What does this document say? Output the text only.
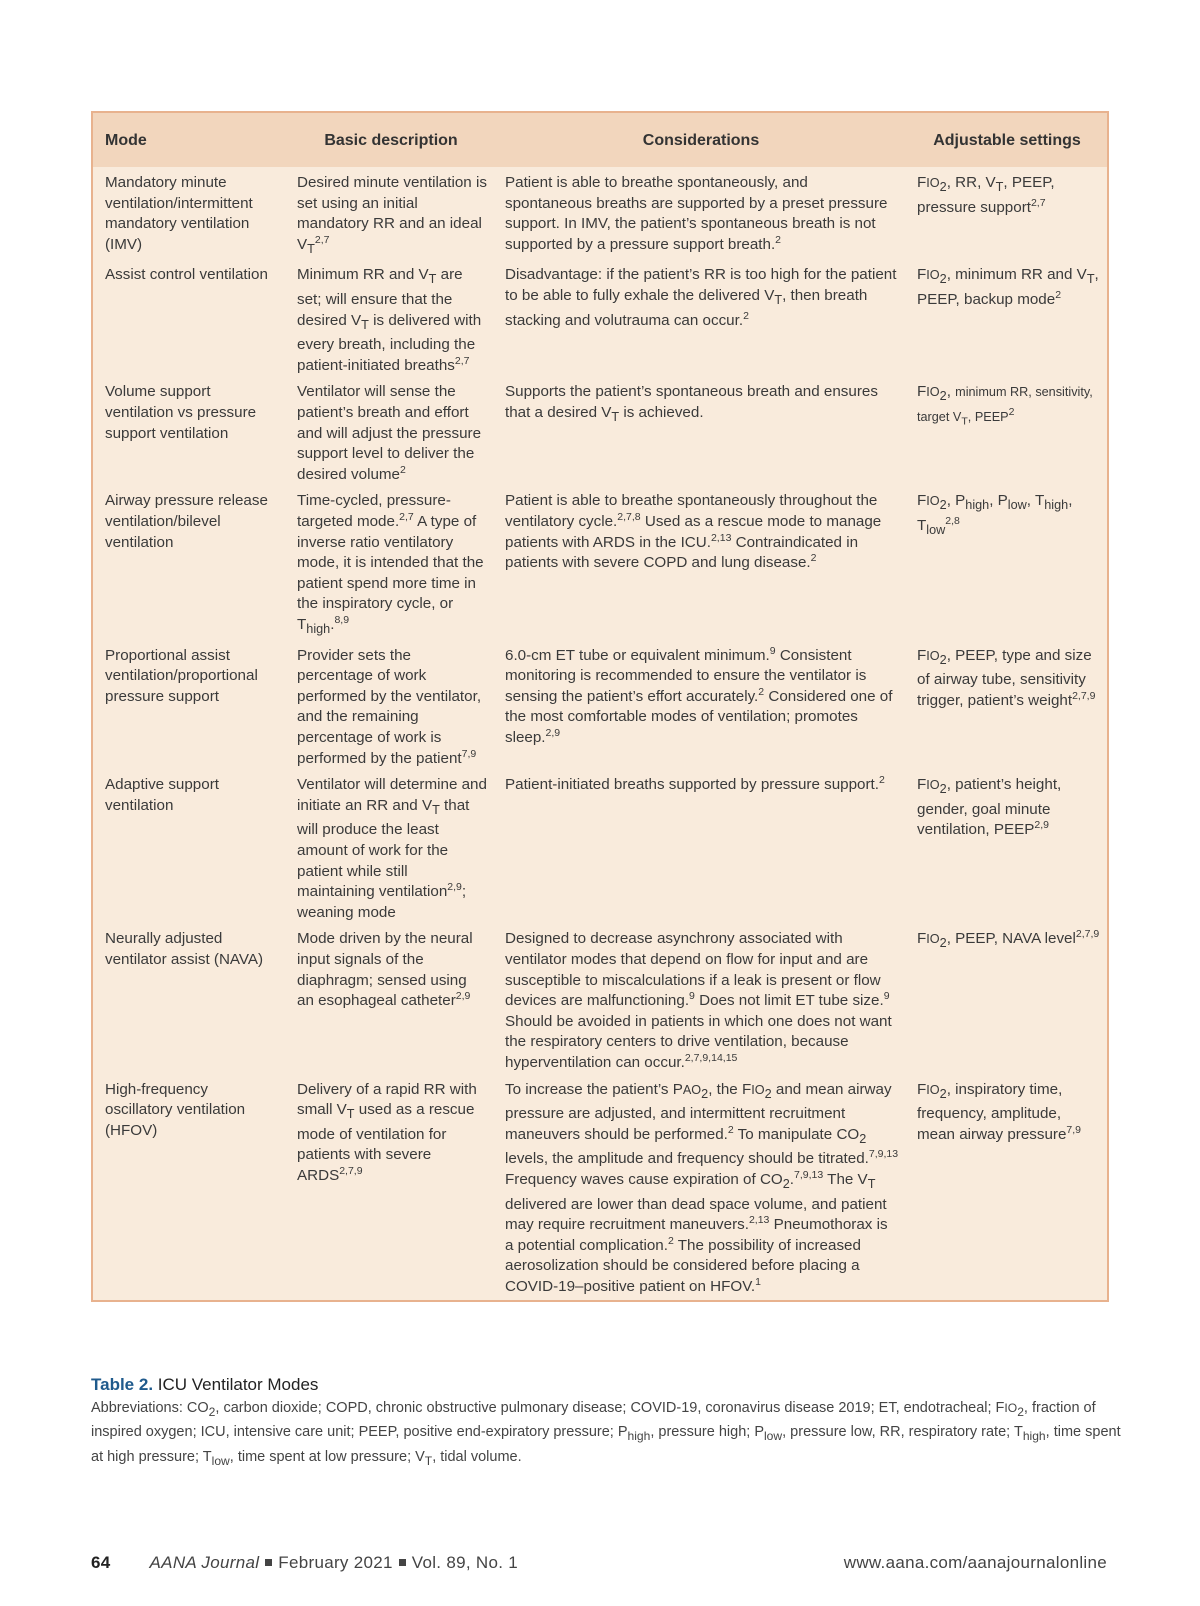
Mode	Basic description	Considerations	Adjustable settings
Mandatory minute ventilation/intermittent mandatory ventilation (IMV)	Desired minute ventilation is set using an initial mandatory RR and an ideal $V_T^{2,7}$	Patient is able to breathe spontaneously, and spontaneous breaths are supported by a preset pressure support. In IMV, the patient’s spontaneous breath is not supported by a pressure support breath.$^2$	$FIO_2$, RR, $V_T$, PEEP, pressure support$^{2,7}$
Assist control ventilation	Minimum RR and $V_T$ are set; will ensure that the desired $V_T$ is delivered with every breath, including the patient-initiated breaths$^{2,7}$	Disadvantage: if the patient’s RR is too high for the patient to be able to fully exhale the delivered $V_T$, then breath stacking and volutrauma can occur.$^2$	$FIO_2$, minimum RR and $V_T$, PEEP, backup mode$^2$
Volume support ventilation vs pressure support ventilation	Ventilator will sense the patient’s breath and effort and will adjust the pressure support level to deliver the desired volume$^2$	Supports the patient’s spontaneous breath and ensures that a desired $V_T$ is achieved.	$FIO_2$, minimum RR, sensitivity, target $V_T$, PEEP$^2$
Airway pressure release ventilation/bilevel ventilation	Time-cycled, pressure-targeted mode.$^{2,7}$ A type of inverse ratio ventilatory mode, it is intended that the patient spend more time in the inspiratory cycle, or $T_{high}.^{8,9}$	Patient is able to breathe spontaneously throughout the ventilatory cycle.$^{2,7,8}$ Used as a rescue mode to manage patients with ARDS in the ICU.$^{2,13}$ Contraindicated in patients with severe COPD and lung disease.$^2$	$FIO_2$, $P_{high}$, $P_{low}$, $T_{high}$, $T_{low}^{2,8}$
Proportional assist ventilation/proportional pressure support	Provider sets the percentage of work performed by the ventilator, and the remaining percentage of work is performed by the patient$^{7,9}$	6.0-cm ET tube or equivalent minimum.$^9$ Consistent monitoring is recommended to ensure the ventilator is sensing the patient’s effort accurately.$^2$ Considered one of the most comfortable modes of ventilation; promotes sleep.$^{2,9}$	$FIO_2$, PEEP, type and size of airway tube, sensitivity trigger, patient’s weight$^{2,7,9}$
Adaptive support ventilation	Ventilator will determine and initiate an RR and $V_T$ that will produce the least amount of work for the patient while still maintaining ventilation$^{2,9}$; weaning mode	Patient-initiated breaths supported by pressure support.$^2$	$FIO_2$, patient’s height, gender, goal minute ventilation, PEEP$^{2,9}$
Neurally adjusted ventilator assist (NAVA)	Mode driven by the neural input signals of the diaphragm; sensed using an esophageal catheter$^{2,9}$	Designed to decrease asynchrony associated with ventilator modes that depend on flow for input and are susceptible to miscalculations if a leak is present or flow devices are malfunctioning.$^9$ Does not limit ET tube size.$^9$ Should be avoided in patients in which one does not want the respiratory centers to drive ventilation, because hyperventilation can occur.$^{2,7,9,14,15}$	$FIO_2$, PEEP, NAVA level$^{2,7,9}$
High-frequency oscillatory ventilation (HFOV)	Delivery of a rapid RR with small $V_T$ used as a rescue mode of ventilation for patients with severe ARDS$^{2,7,9}$	To increase the patient’s $PAO_2$, the $FIO_2$ and mean airway pressure are adjusted, and intermittent recruitment maneuvers should be performed.$^2$ To manipulate $CO_2$ levels, the amplitude and frequency should be titrated.$^{7,9,13}$ Frequency waves cause expiration of $CO_2.^{7,9,13}$ The $V_T$ delivered are lower than dead space volume, and patient may require recruitment maneuvers.$^{2,13}$ Pneumothorax is a potential complication.$^2$ The possibility of increased aerosolization should be considered before placing a COVID-19–positive patient on HFOV.$^1$	$FIO_2$, inspiratory time, frequency, amplitude, mean airway pressure$^{7,9}$
Table 2. ICU Ventilator Modes
Abbreviations: $CO_2$, carbon dioxide; COPD, chronic obstructive pulmonary disease; COVID-19, coronavirus disease 2019; ET, endotracheal; $FIO_2$, fraction of inspired oxygen; ICU, intensive care unit; PEEP, positive end-expiratory pressure; $P_{high}$, pressure high; $P_{low}$, pressure low, RR, respiratory rate; $T_{high}$, time spent at high pressure; $T_{low}$, time spent at low pressure; $V_T$, tidal volume.
64 AANA Journal February 2021 Vol. 89, No. 1	www.aana.com/aanajournalonline
